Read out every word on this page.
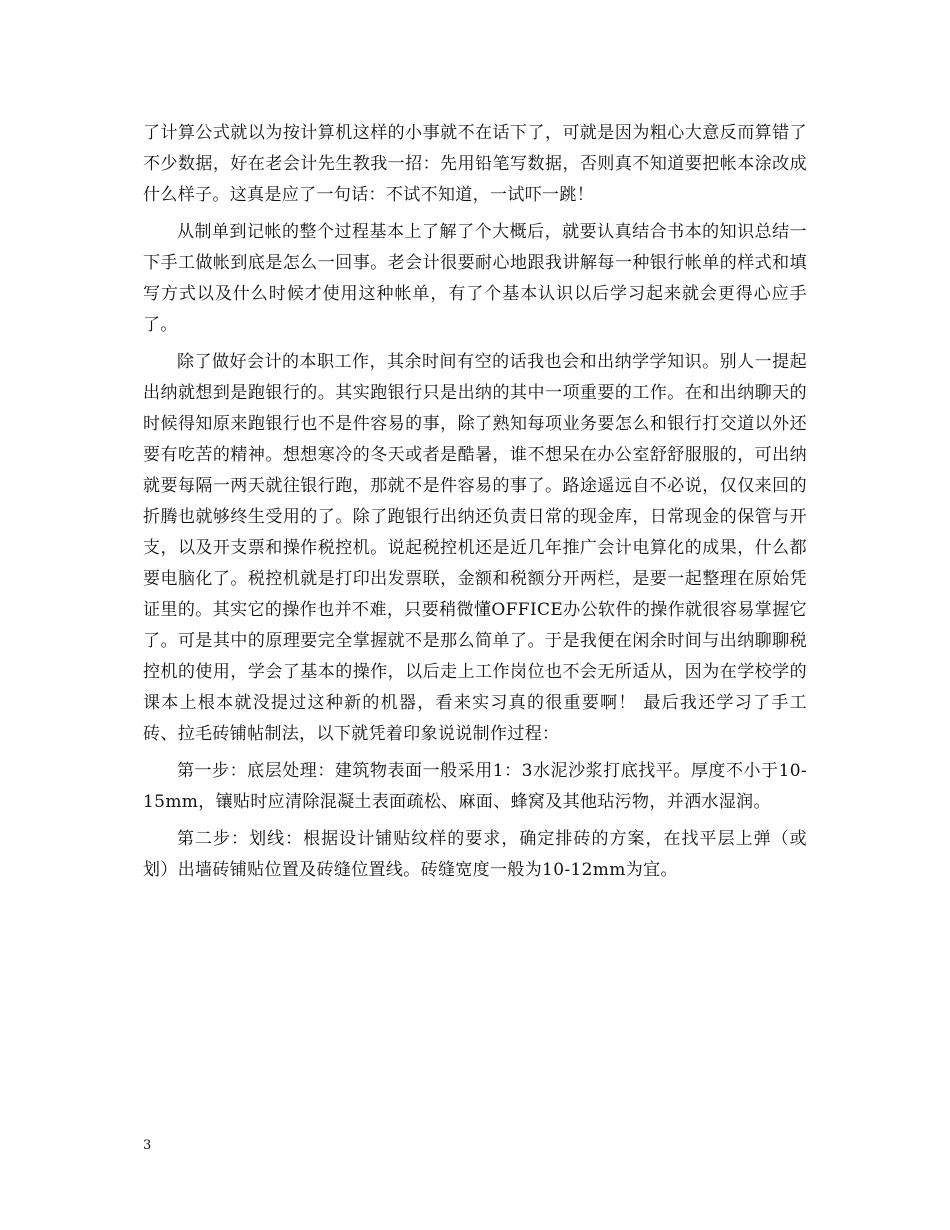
了计算公式就以为按计算机这样的小事就不在话下了，可就是因为粗心大意反而算错了不少数据，好在老会计先生教我一招：先用铅笔写数据，否则真不知道要把帐本涂改成什么样子。这真是应了一句话：不试不知道，一试吓一跳！

从制单到记帐的整个过程基本上了解了个大概后，就要认真结合书本的知识总结一下手工做帐到底是怎么一回事。老会计很要耐心地跟我讲解每一种银行帐单的样式和填写方式以及什么时候才使用这种帐单，有了个基本认识以后学习起来就会更得心应手了。

除了做好会计的本职工作，其余时间有空的话我也会和出纳学学知识。别人一提起出纳就想到是跑银行的。其实跑银行只是出纳的其中一项重要的工作。在和出纳聊天的时候得知原来跑银行也不是件容易的事，除了熟知每项业务要怎么和银行打交道以外还要有吃苦的精神。想想寒冷的冬天或者是酷暑，谁不想呆在办公室舒舒服服的，可出纳就要每隔一两天就往银行跑，那就不是件容易的事了。路途遥远自不必说，仅仅来回的折腾也就够终生受用的了。除了跑银行出纳还负责日常的现金库，日常现金的保管与开支，以及开支票和操作税控机。说起税控机还是近几年推广会计电算化的成果，什么都要电脑化了。税控机就是打印出发票联，金额和税额分开两栏，是要一起整理在原始凭证里的。其实它的操作也并不难，只要稍微懂OFFICE办公软件的操作就很容易掌握它了。可是其中的原理要完全掌握就不是那么简单了。于是我便在闲余时间与出纳聊聊税控机的使用，学会了基本的操作，以后走上工作岗位也不会无所适从，因为在学校学的课本上根本就没提过这种新的机器，看来实习真的很重要啊！ 最后我还学习了手工砖、拉毛砖铺帖制法，以下就凭着印象说说制作过程：

第一步：底层处理：建筑物表面一般采用1：3水泥沙浆打底找平。厚度不小于10-15mm，镶贴时应清除混凝土表面疏松、麻面、蜂窝及其他玷污物，并洒水湿润。

第二步：划线：根据设计铺贴纹样的要求，确定排砖的方案，在找平层上弹（或划）出墙砖铺贴位置及砖缝位置线。砖缝宽度一般为10-12mm为宜。

3
